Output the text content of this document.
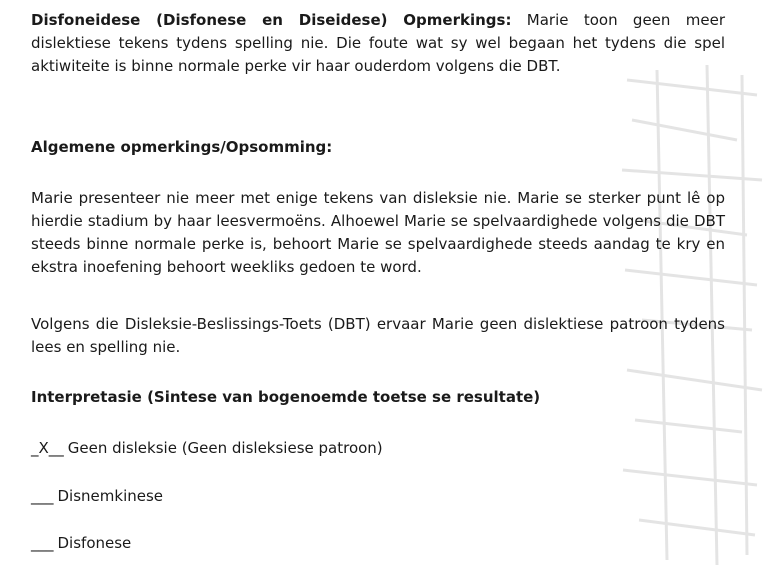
Disfoneidese (Disfonese en Diseidese) Opmerkings: Marie toon geen meer dislektiese tekens tydens spelling nie. Die foute wat sy wel begaan het tydens die spel aktiwiteite is binne normale perke vir haar ouderdom volgens die DBT.

Algemene opmerkings/Opsomming:

Marie presenteer nie meer met enige tekens van disleksie nie. Marie se sterker punt lê op hierdie stadium by haar leesvermoëns. Alhoewel Marie se spelvaardighede volgens die DBT steeds binne normale perke is, behoort Marie se spelvaardighede steeds aandag te kry en ekstra inoefening behoort weekliks gedoen te word.

Volgens die Disleksie-Beslissings-Toets (DBT) ervaar Marie geen dislektiese patroon tydens lees en spelling nie.

Interpretasie (Sintese van bogenoemde toetse se resultate)

_X__ Geen disleksie (Geen disleksiese patroon)

___ Disnemkinese

___ Disfonese
